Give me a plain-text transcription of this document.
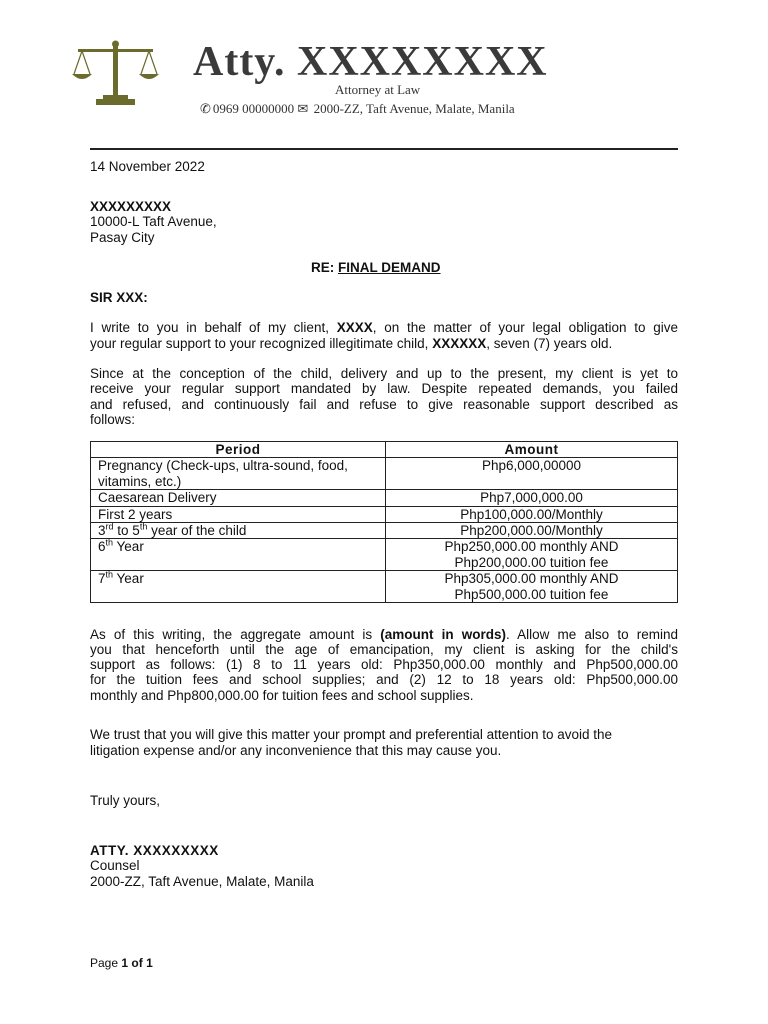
Atty. XXXXXXXX
Attorney at Law
✆ 0969 00000000 ✉ 2000-ZZ, Taft Avenue, Malate, Manila
14 November 2022
XXXXXXXXX
10000-L Taft Avenue,
Pasay City
RE: FINAL DEMAND
SIR XXX:
I write to you in behalf of my client, XXXX, on the matter of your legal obligation to give
your regular support to your recognized illegitimate child, XXXXXX, seven (7) years old.
Since at the conception of the child, delivery and up to the present, my client is yet to
receive your regular support mandated by law. Despite repeated demands, you failed
and refused, and continuously fail and refuse to give reasonable support described as
follows:
Period	Amount
Pregnancy (Check-ups, ultra-sound, food, vitamins, etc.)	Php6,000,00000
Caesarean Delivery	Php7,000,000.00
First 2 years	Php100,000.00/Monthly
3rd to 5th year of the child	Php200,000.00/Monthly
6th Year	Php250,000.00 monthly AND
Php200,000.00 tuition fee
7th Year	Php305,000.00 monthly AND
Php500,000.00 tuition fee
As of this writing, the aggregate amount is (amount in words). Allow me also to remind
you that henceforth until the age of emancipation, my client is asking for the child's
support as follows: (1) 8 to 11 years old: Php350,000.00 monthly and Php500,000.00
for the tuition fees and school supplies; and (2) 12 to 18 years old: Php500,000.00
monthly and Php800,000.00 for tuition fees and school supplies.
We trust that you will give this matter your prompt and preferential attention to avoid the
litigation expense and/or any inconvenience that this may cause you.
Truly yours,
ATTY. XXXXXXXXX
Counsel
2000-ZZ, Taft Avenue, Malate, Manila
Page 1 of 1
